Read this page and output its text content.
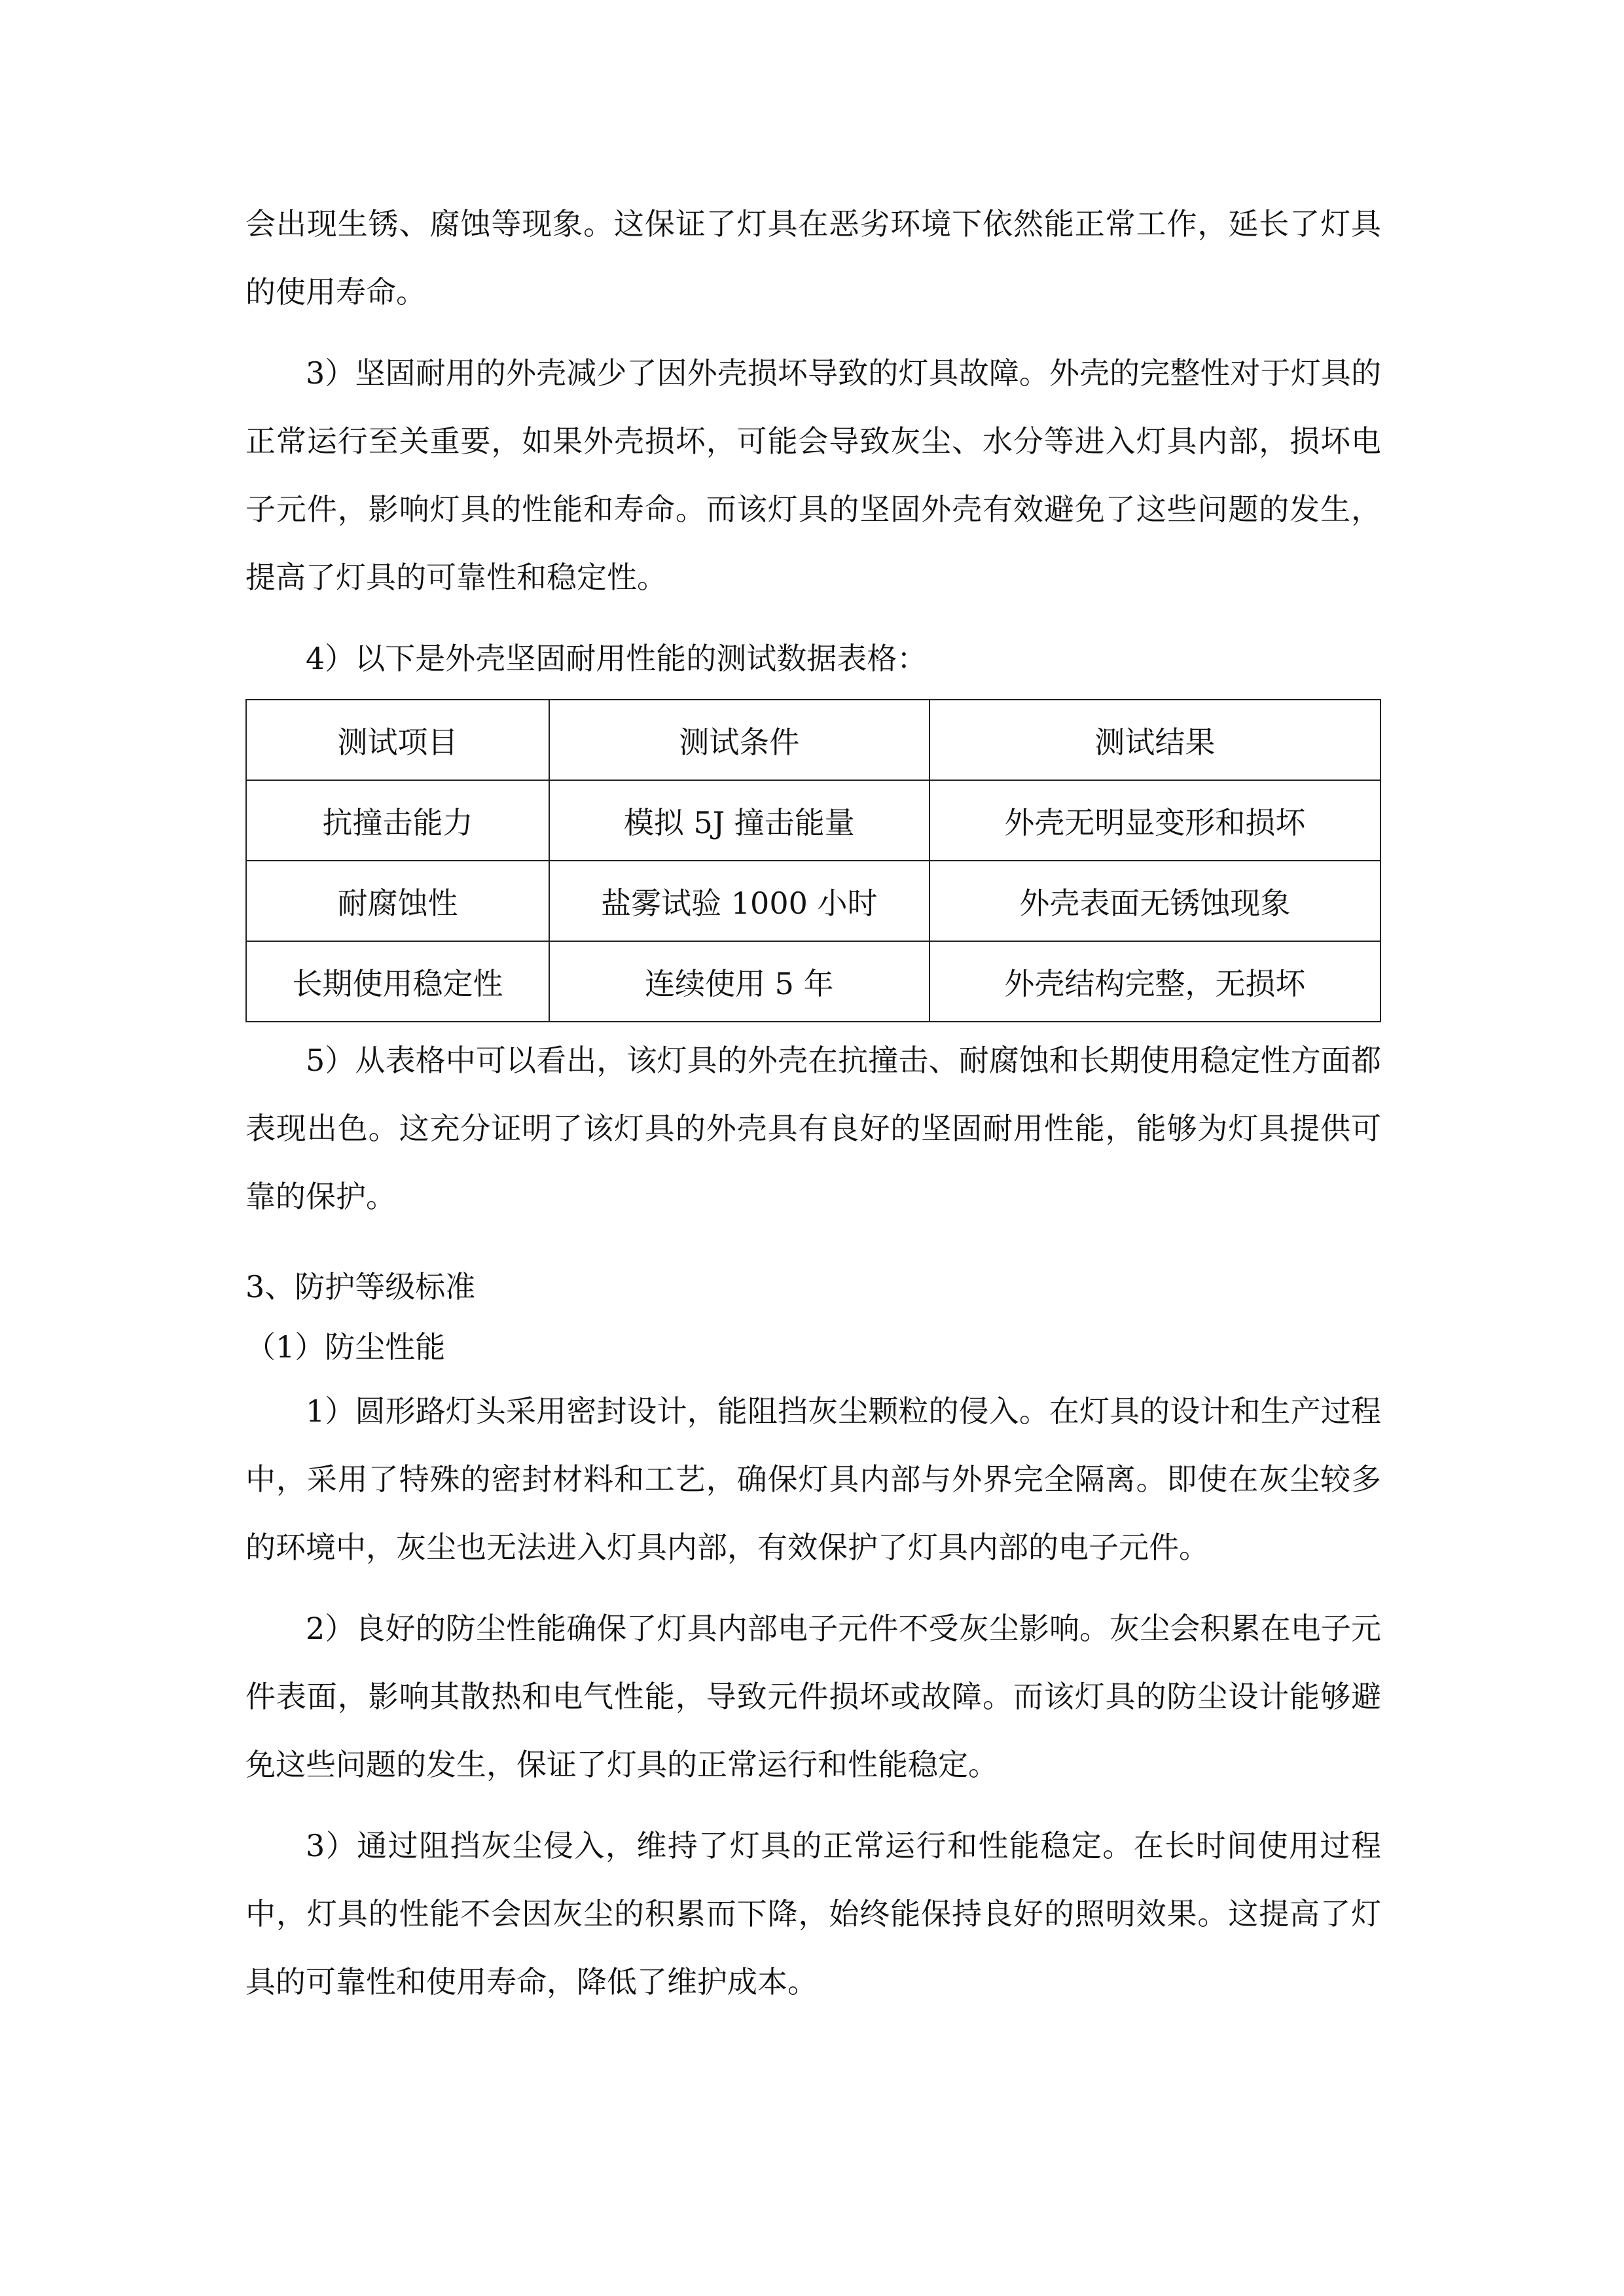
会出现生锈、腐蚀等现象。这保证了灯具在恶劣环境下依然能正常工作，延长了灯具的使用寿命。

3）坚固耐用的外壳减少了因外壳损坏导致的灯具故障。外壳的完整性对于灯具的正常运行至关重要，如果外壳损坏，可能会导致灰尘、水分等进入灯具内部，损坏电子元件，影响灯具的性能和寿命。而该灯具的坚固外壳有效避免了这些问题的发生，提高了灯具的可靠性和稳定性。

4）以下是外壳坚固耐用性能的测试数据表格：

测试项目	测试条件	测试结果
抗撞击能力	模拟 5J 撞击能量	外壳无明显变形和损坏
耐腐蚀性	盐雾试验 1000 小时	外壳表面无锈蚀现象
长期使用稳定性	连续使用 5 年	外壳结构完整，无损坏

5）从表格中可以看出，该灯具的外壳在抗撞击、耐腐蚀和长期使用稳定性方面都表现出色。这充分证明了该灯具的外壳具有良好的坚固耐用性能，能够为灯具提供可靠的保护。

3、防护等级标准

（1）防尘性能

1）圆形路灯头采用密封设计，能阻挡灰尘颗粒的侵入。在灯具的设计和生产过程中，采用了特殊的密封材料和工艺，确保灯具内部与外界完全隔离。即使在灰尘较多的环境中，灰尘也无法进入灯具内部，有效保护了灯具内部的电子元件。

2）良好的防尘性能确保了灯具内部电子元件不受灰尘影响。灰尘会积累在电子元件表面，影响其散热和电气性能，导致元件损坏或故障。而该灯具的防尘设计能够避免这些问题的发生，保证了灯具的正常运行和性能稳定。

3）通过阻挡灰尘侵入，维持了灯具的正常运行和性能稳定。在长时间使用过程中，灯具的性能不会因灰尘的积累而下降，始终能保持良好的照明效果。这提高了灯具的可靠性和使用寿命，降低了维护成本。
